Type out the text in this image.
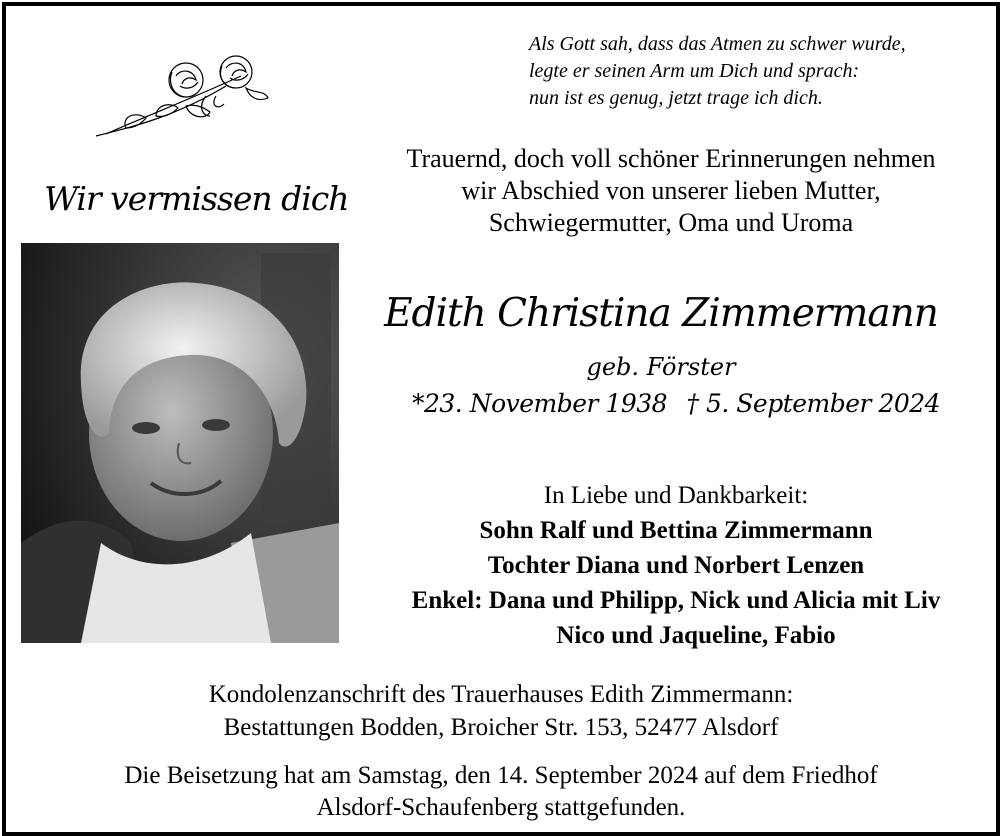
Als Gott sah, dass das Atmen zu schwer wurde,
legte er seinen Arm um Dich und sprach:
nun ist es genug, jetzt trage ich dich.
Wir vermissen dich
Trauernd, doch voll schöner Erinnerungen nehmen
wir Abschied von unserer lieben Mutter,
Schwiegermutter, Oma und Uroma
Edith Christina Zimmermann
geb. Förster
*23. November 1938 † 5. September 2024
In Liebe und Dankbarkeit:
Sohn Ralf und Bettina Zimmermann
Tochter Diana und Norbert Lenzen
Enkel: Dana und Philipp, Nick und Alicia mit Liv
Nico und Jaqueline, Fabio
Kondolenzanschrift des Trauerhauses Edith Zimmermann:
Bestattungen Bodden, Broicher Str. 153, 52477 Alsdorf
Die Beisetzung hat am Samstag, den 14. September 2024 auf dem Friedhof
Alsdorf-Schaufenberg stattgefunden.
